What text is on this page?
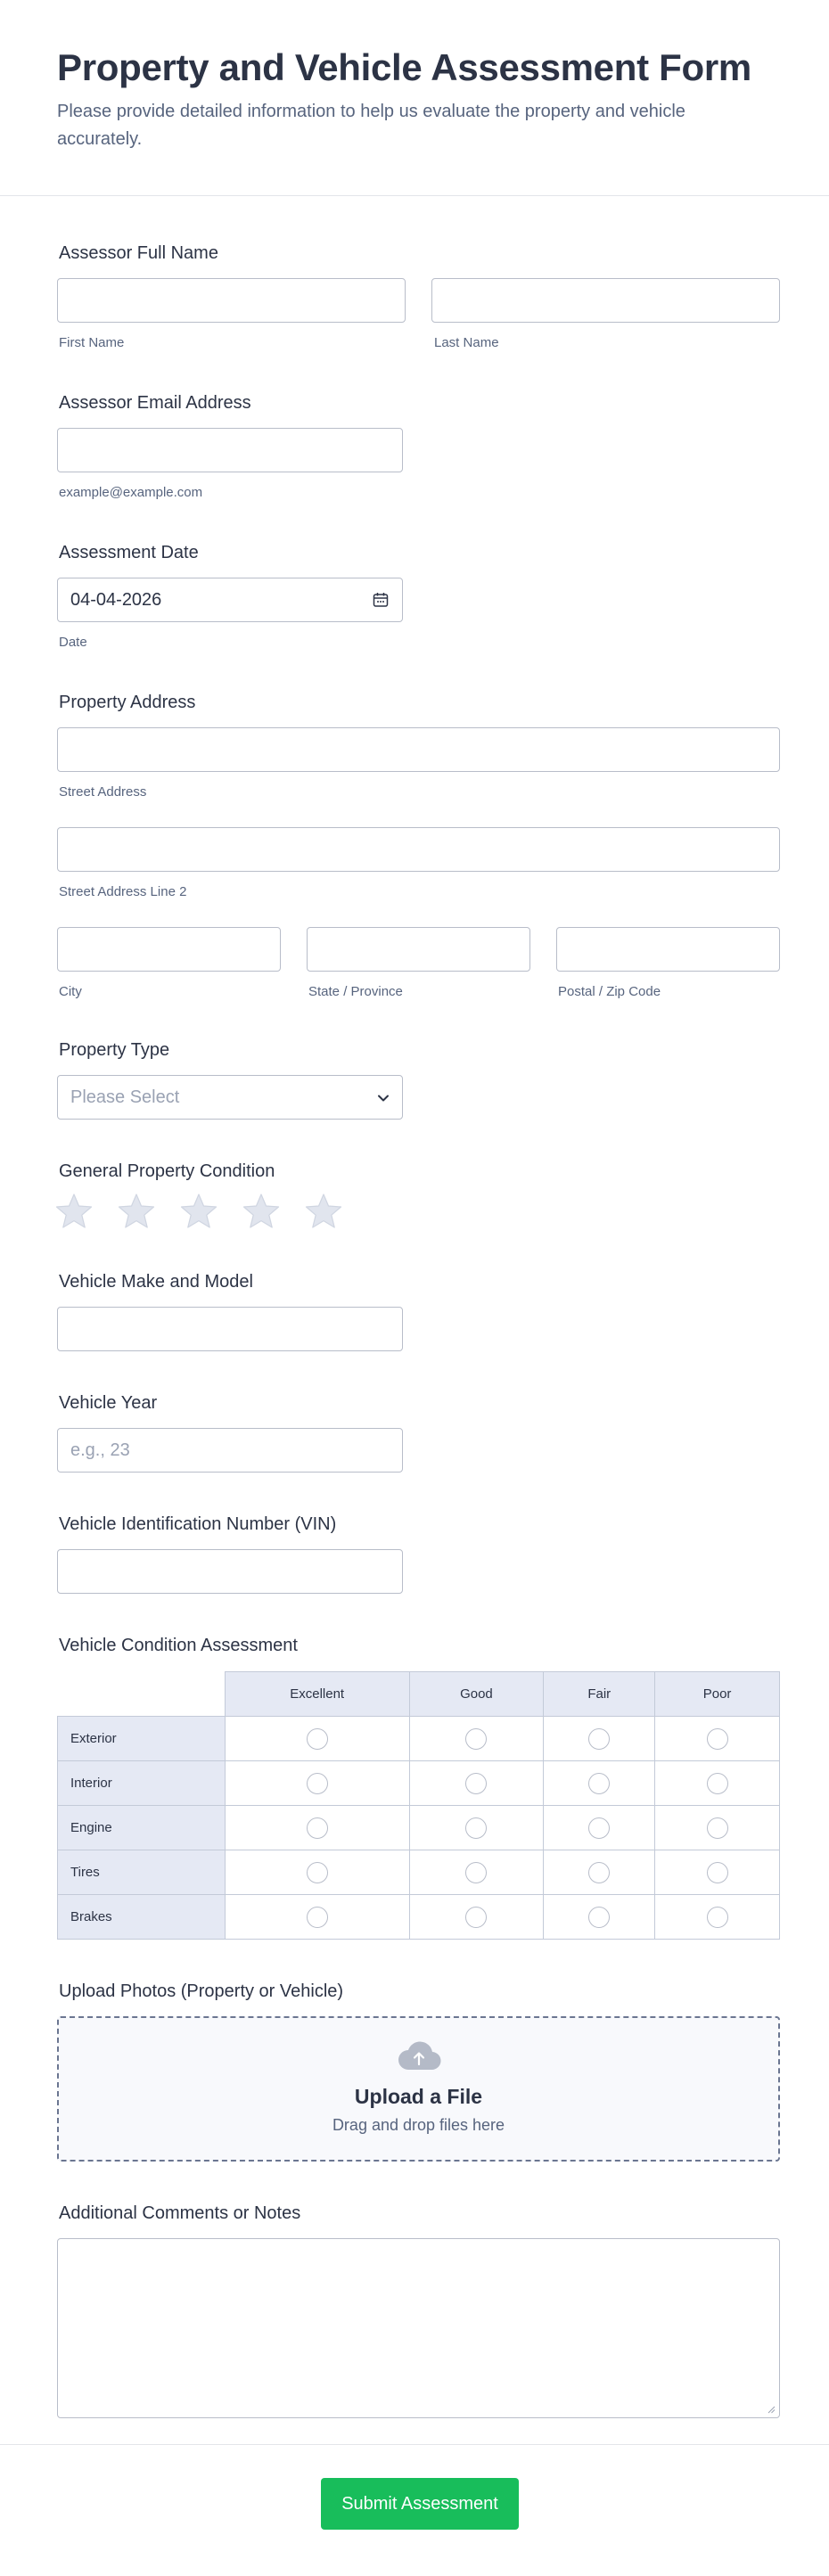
Property and Vehicle Assessment Form

Please provide detailed information to help us evaluate the property and vehicle accurately.

Assessor Full Name
First Name	Last Name
Assessor Email Address
example@example.com
Assessment Date
04-04-2026
Date
Property Address
Street Address
Street Address Line 2
City	State / Province	Postal / Zip Code
Property Type
Please Select
General Property Condition
Vehicle Make and Model
Vehicle Year
e.g., 23
Vehicle Identification Number (VIN)
Vehicle Condition Assessment
	Excellent	Good	Fair	Poor
Exterior				
Interior				
Engine				
Tires				
Brakes				
Upload Photos (Property or Vehicle)
Upload a File
Drag and drop files here
Additional Comments or Notes
Submit Assessment
